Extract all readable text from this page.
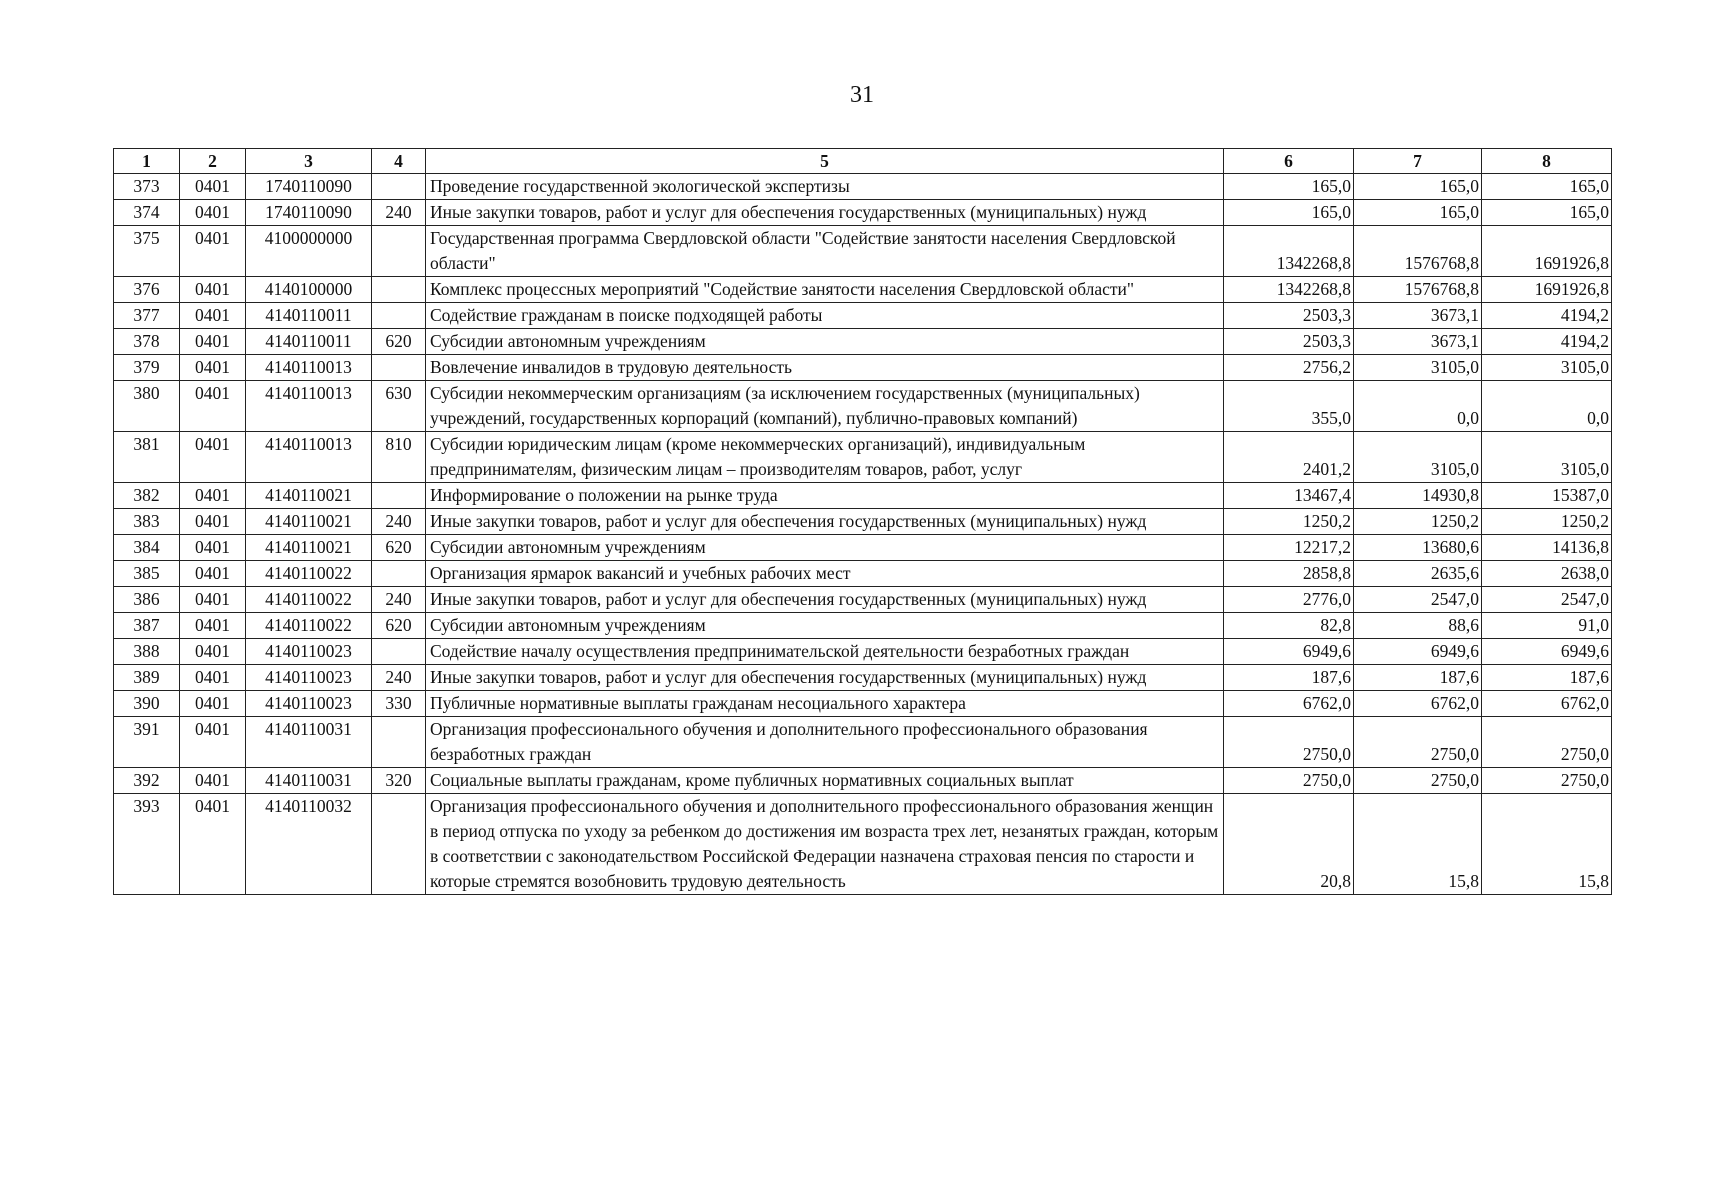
31
1	2	3	4	5	6	7	8
373	0401	1740110090		Проведение государственной экологической экспертизы	165,0	165,0	165,0
374	0401	1740110090	240	Иные закупки товаров, работ и услуг для обеспечения государственных (муниципальных) нужд	165,0	165,0	165,0
375	0401	4100000000		Государственная программа Свердловской области "Содействие занятости населения Свердловской области"	1342268,8	1576768,8	1691926,8
376	0401	4140100000		Комплекс процессных мероприятий "Содействие занятости населения Свердловской области"	1342268,8	1576768,8	1691926,8
377	0401	4140110011		Содействие гражданам в поиске подходящей работы	2503,3	3673,1	4194,2
378	0401	4140110011	620	Субсидии автономным учреждениям	2503,3	3673,1	4194,2
379	0401	4140110013		Вовлечение инвалидов в трудовую деятельность	2756,2	3105,0	3105,0
380	0401	4140110013	630	Субсидии некоммерческим организациям (за исключением государственных (муниципальных) учреждений, государственных корпораций (компаний), публично-правовых компаний)	355,0	0,0	0,0
381	0401	4140110013	810	Субсидии юридическим лицам (кроме некоммерческих организаций), индивидуальным предпринимателям, физическим лицам – производителям товаров, работ, услуг	2401,2	3105,0	3105,0
382	0401	4140110021		Информирование о положении на рынке труда	13467,4	14930,8	15387,0
383	0401	4140110021	240	Иные закупки товаров, работ и услуг для обеспечения государственных (муниципальных) нужд	1250,2	1250,2	1250,2
384	0401	4140110021	620	Субсидии автономным учреждениям	12217,2	13680,6	14136,8
385	0401	4140110022		Организация ярмарок вакансий и учебных рабочих мест	2858,8	2635,6	2638,0
386	0401	4140110022	240	Иные закупки товаров, работ и услуг для обеспечения государственных (муниципальных) нужд	2776,0	2547,0	2547,0
387	0401	4140110022	620	Субсидии автономным учреждениям	82,8	88,6	91,0
388	0401	4140110023		Содействие началу осуществления предпринимательской деятельности безработных граждан	6949,6	6949,6	6949,6
389	0401	4140110023	240	Иные закупки товаров, работ и услуг для обеспечения государственных (муниципальных) нужд	187,6	187,6	187,6
390	0401	4140110023	330	Публичные нормативные выплаты гражданам несоциального характера	6762,0	6762,0	6762,0
391	0401	4140110031		Организация профессионального обучения и дополнительного профессионального образования безработных граждан	2750,0	2750,0	2750,0
392	0401	4140110031	320	Социальные выплаты гражданам, кроме публичных нормативных социальных выплат	2750,0	2750,0	2750,0
393	0401	4140110032		Организация профессионального обучения и дополнительного профессионального образования женщин в период отпуска по уходу за ребенком до достижения им возраста трех лет, незанятых граждан, которым в соответствии с законодательством Российской Федерации назначена страховая пенсия по старости и которые стремятся возобновить трудовую деятельность	20,8	15,8	15,8
